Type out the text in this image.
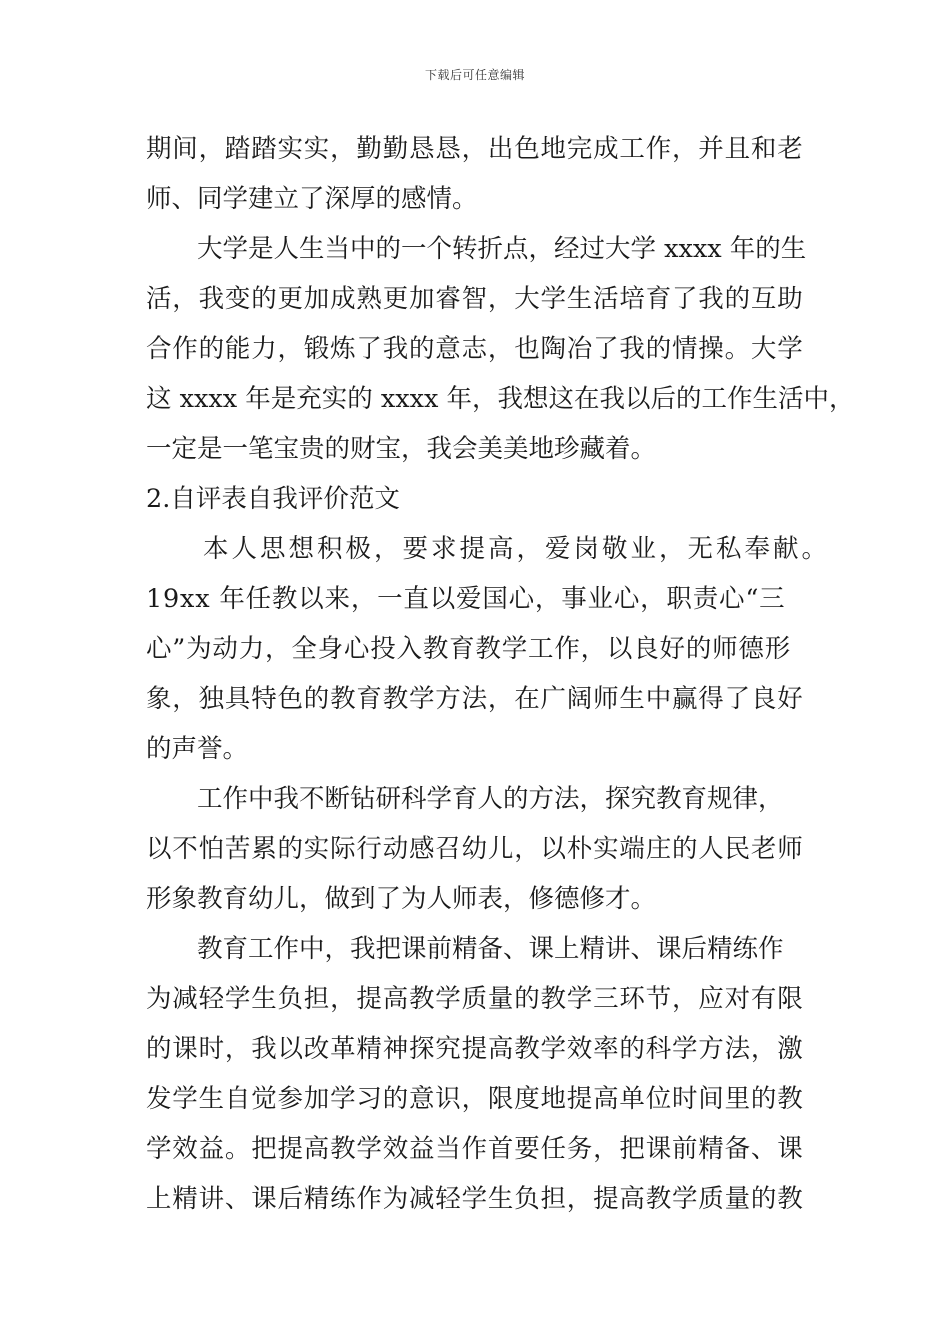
下载后可任意编辑
期间，踏踏实实，勤勤恳恳，出色地完成工作，并且和老
师、同学建立了深厚的感情。
大学是人生当中的一个转折点，经过大学 xxxx 年的生
活，我变的更加成熟更加睿智，大学生活培育了我的互助
合作的能力，锻炼了我的意志，也陶冶了我的情操。大学
这 xxxx 年是充实的 xxxx 年，我想这在我以后的工作生活中，
一定是一笔宝贵的财宝，我会美美地珍藏着。
2.自评表自我评价范文
本人思想积极，要求提高，爱岗敬业，无私奉献。
19xx 年任教以来，一直以爱国心，事业心，职责心“三
心”为动力，全身心投入教育教学工作，以良好的师德形
象，独具特色的教育教学方法，在广阔师生中赢得了良好
的声誉。
工作中我不断钻研科学育人的方法，探究教育规律，
以不怕苦累的实际行动感召幼儿，以朴实端庄的人民老师
形象教育幼儿，做到了为人师表，修德修才。
教育工作中，我把课前精备、课上精讲、课后精练作
为减轻学生负担，提高教学质量的教学三环节，应对有限
的课时，我以改革精神探究提高教学效率的科学方法，激
发学生自觉参加学习的意识，限度地提高单位时间里的教
学效益。把提高教学效益当作首要任务，把课前精备、课
上精讲、课后精练作为减轻学生负担，提高教学质量的教
